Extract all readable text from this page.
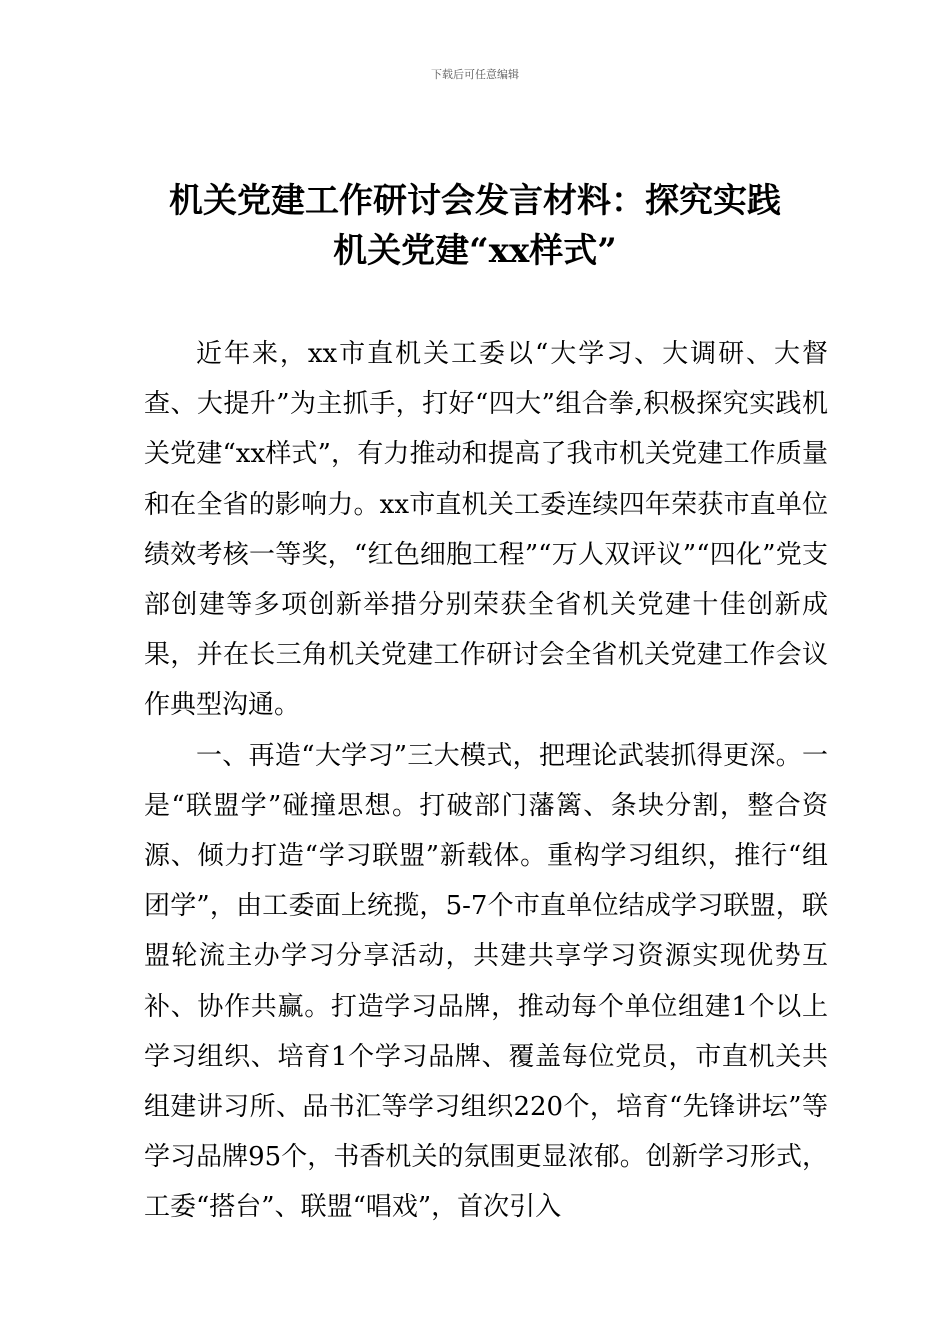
下载后可任意编辑
机关党建工作研讨会发言材料：探究实践
机关党建“xx样式”

近年来，xx市直机关工委以“大学习、大调研、大督查、大提升”为主抓手，打好“四大”组合拳,积极探究实践机关党建“xx样式”，有力推动和提高了我市机关党建工作质量和在全省的影响力。xx市直机关工委连续四年荣获市直单位绩效考核一等奖，“红色细胞工程”“万人双评议”“四化”党支部创建等多项创新举措分别荣获全省机关党建十佳创新成果，并在长三角机关党建工作研讨会全省机关党建工作会议作典型沟通。

一、再造“大学习”三大模式，把理论武装抓得更深。一是“联盟学”碰撞思想。打破部门藩篱、条块分割，整合资源、倾力打造“学习联盟”新载体。重构学习组织，推行“组团学”，由工委面上统揽，5-7个市直单位结成学习联盟，联盟轮流主办学习分享活动，共建共享学习资源实现优势互补、协作共赢。打造学习品牌，推动每个单位组建1个以上学习组织、培育1个学习品牌、覆盖每位党员，市直机关共组建讲习所、品书汇等学习组织220个，培育“先锋讲坛”等学习品牌95个，书香机关的氛围更显浓郁。创新学习形式，工委“搭台”、联盟“唱戏”，首次引入
